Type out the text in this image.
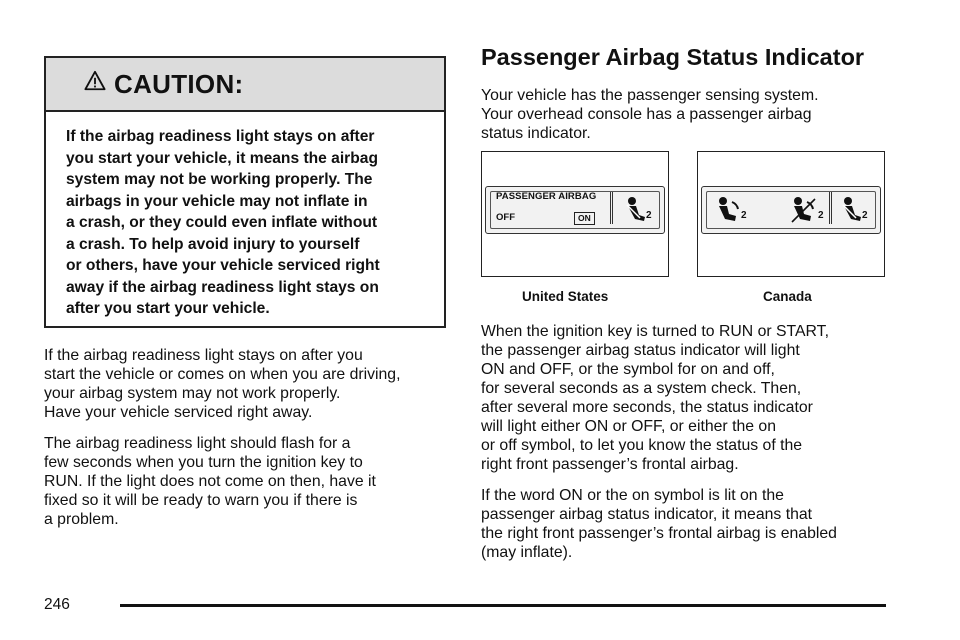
CAUTION:
If the airbag readiness light stays on after
you start your vehicle, it means the airbag
system may not be working properly. The
airbags in your vehicle may not inflate in
a crash, or they could even inflate without
a crash. To help avoid injury to yourself
or others, have your vehicle serviced right
away if the airbag readiness light stays on
after you start your vehicle.
If the airbag readiness light stays on after you
start the vehicle or comes on when you are driving,
your airbag system may not work properly.
Have your vehicle serviced right away.
The airbag readiness light should flash for a
few seconds when you turn the ignition key to
RUN. If the light does not come on then, have it
fixed so it will be ready to warn you if there is
a problem.
Passenger Airbag Status Indicator
Your vehicle has the passenger sensing system.
Your overhead console has a passenger airbag
status indicator.
PASSENGER AIRBAG
OFF	ON	2	2	2	2
United States	Canada
When the ignition key is turned to RUN or START,
the passenger airbag status indicator will light
ON and OFF, or the symbol for on and off,
for several seconds as a system check. Then,
after several more seconds, the status indicator
will light either ON or OFF, or either the on
or off symbol, to let you know the status of the
right front passenger’s frontal airbag.
If the word ON or the on symbol is lit on the
passenger airbag status indicator, it means that
the right front passenger’s frontal airbag is enabled
(may inflate).
246
